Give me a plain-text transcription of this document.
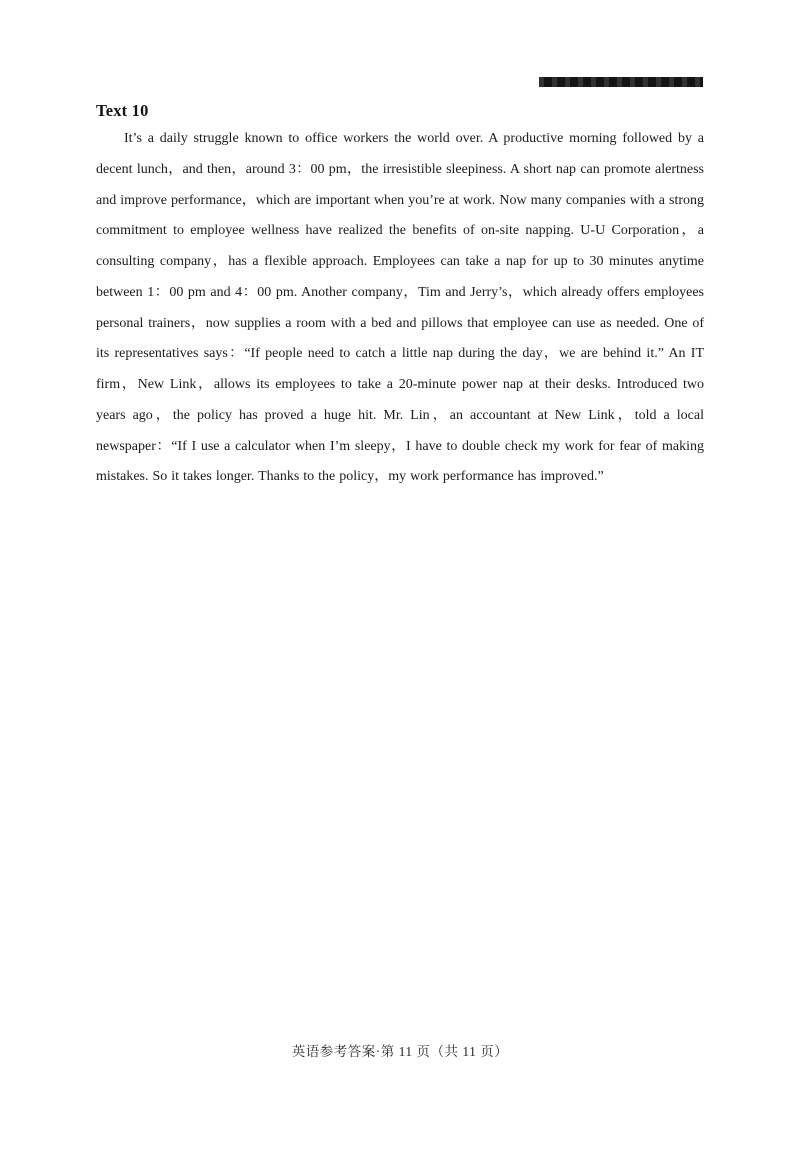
Text 10
It’s a daily struggle known to office workers the world over. A productive morning followed by a decent lunch，and then，around 3：00 pm，the irresistible sleepiness. A short nap can promote alertness and improve performance，which are important when you’re at work. Now many companies with a strong commitment to employee wellness have realized the benefits of on-site napping. U-U Corporation，a consulting company，has a flexible approach. Employees can take a nap for up to 30 minutes anytime between 1：00 pm and 4：00 pm. Another company，Tim and Jerry’s，which already offers employees personal trainers，now supplies a room with a bed and pillows that employee can use as needed. One of its representatives says：“If people need to catch a little nap during the day，we are behind it.” An IT firm，New Link，allows its employees to take a 20-minute power nap at their desks. Introduced two years ago，the policy has proved a huge hit. Mr. Lin，an accountant at New Link，told a local newspaper：“If I use a calculator when I’m sleepy，I have to double check my work for fear of making mistakes. So it takes longer. Thanks to the policy，my work performance has improved.”
英语参考答案·第 11 页（共 11 页）
